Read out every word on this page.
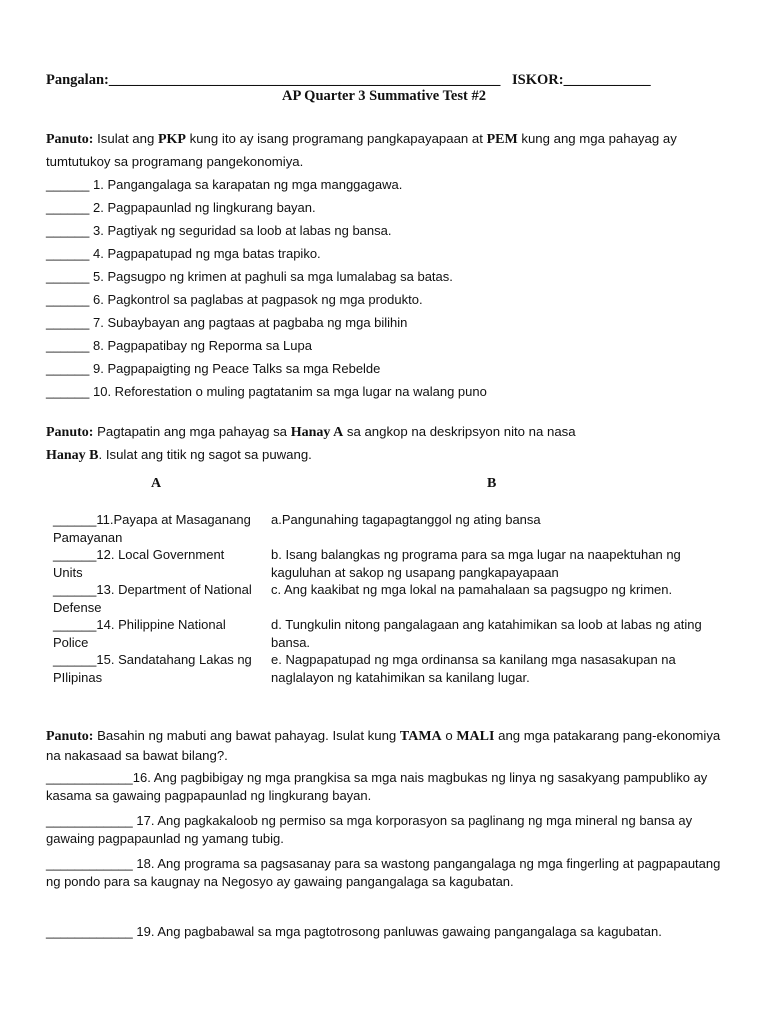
Pangalan:______________________________________________________ ISKOR:____________
AP Quarter 3 Summative Test #2
Panuto: Isulat ang PKP kung ito ay isang programang pangkapayapaan at PEM kung ang mga pahayag ay tumtutukoy sa programang pangekonomiya.
______ 1. Pangangalaga sa karapatan ng mga manggagawa.
______ 2. Pagpapaunlad ng lingkurang bayan.
______ 3. Pagtiyak ng seguridad sa loob at labas ng bansa.
______ 4. Pagpapatupad ng mga batas trapiko.
______ 5. Pagsugpo ng krimen at paghuli sa mga lumalabag sa batas.
______ 6. Pagkontrol sa paglabas at pagpasok ng mga produkto.
______ 7. Subaybayan ang pagtaas at pagbaba ng mga bilihin
______ 8. Pagpapatibay ng Reporma sa Lupa
______ 9. Pagpapaigting ng Peace Talks sa mga Rebelde
______ 10. Reforestation o muling pagtatanim sa mga lugar na walang puno
Panuto: Pagtapatin ang mga pahayag sa Hanay A sa angkop na deskripsyon nito na nasa
Hanay B. Isulat ang titik ng sagot sa puwang.
A	B
______11.Payapa at Masaganang Pamayanan
______12. Local Government Units
______13. Department of National Defense
______14. Philippine National Police
______15. Sandatahang Lakas ng PIlipinas
a.Pangunahing tagapagtanggol ng ating bansa
b. Isang balangkas ng programa para sa mga lugar na naapektuhan ng kaguluhan at sakop ng usapang pangkapayapaan
c. Ang kaakibat ng mga lokal na pamahalaan sa pagsugpo ng krimen.
d. Tungkulin nitong pangalagaan ang katahimikan sa loob at labas ng ating bansa.
e. Nagpapatupad ng mga ordinansa sa kanilang mga nasasakupan na naglalayon ng katahimikan sa kanilang lugar.
Panuto: Basahin ng mabuti ang bawat pahayag. Isulat kung TAMA o MALI ang mga patakarang pang-ekonomiya na nakasaad sa bawat bilang?.
____________16. Ang pagbibigay ng mga prangkisa sa mga nais magbukas ng linya ng sasakyang pampubliko ay kasama sa gawaing pagpapaunlad ng lingkurang bayan.
____________ 17. Ang pagkakaloob ng permiso sa mga korporasyon sa paglinang ng mga mineral ng bansa ay gawaing pagpapaunlad ng yamang tubig.
____________ 18. Ang programa sa pagsasanay para sa wastong pangangalaga ng mga fingerling at pagpapautang ng pondo para sa kaugnay na Negosyo ay gawaing pangangalaga sa kagubatan.
____________ 19. Ang pagbabawal sa mga pagtotrosong panluwas gawaing pangangalaga sa kagubatan.
